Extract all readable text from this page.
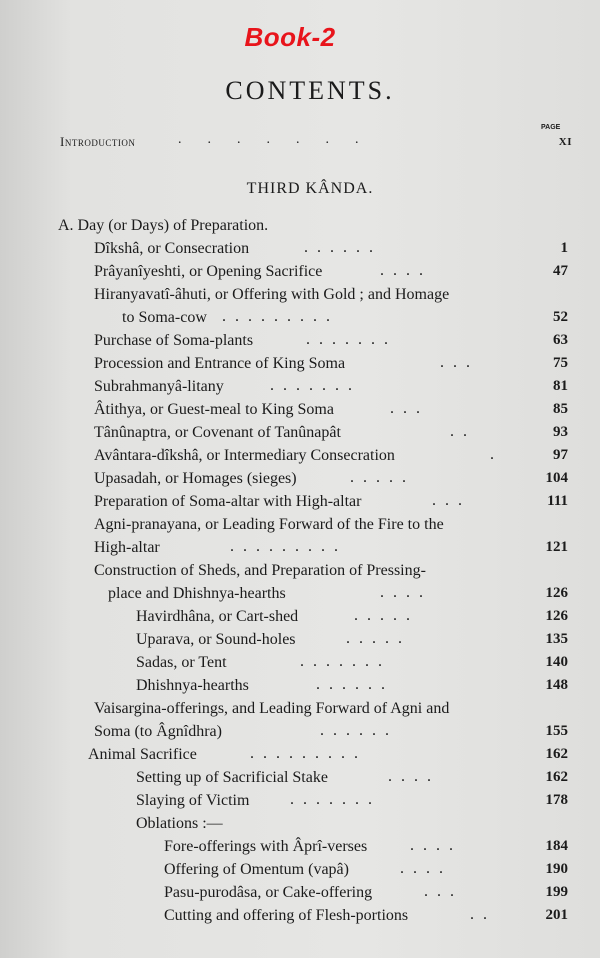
Book-2
CONTENTS.
PAGE
Introduction	.......	xi
THIRD KÂNDA.
A. Day (or Days) of Preparation.
Dîkshâ, or Consecration	......	1
Prâyanîyeshti, or Opening Sacrifice	....	47
Hiranyavatî-âhuti, or Offering with Gold ; and Homage
to Soma-cow .........	52
Purchase of Soma-plants	.......	63
Procession and Entrance of King Soma	...	75
Subrahmanyâ-litany	.......	81
Âtithya, or Guest-meal to King Soma	...	85
Tânûnaptra, or Covenant of Tanûnapât	..	93
Avântara-dîkshâ, or Intermediary Consecration	.	97
Upasadah, or Homages (sieges)	.....	104
Preparation of Soma-altar with High-altar	...	111
Agni-pranayana, or Leading Forward of the Fire to the
High-altar	.........	121
Construction of Sheds, and Preparation of Pressing-
place and Dhishnya-hearths	....	126
Havirdhâna, or Cart-shed	.....	126
Uparava, or Sound-holes	.....	135
Sadas, or Tent	.......	140
Dhishnya-hearths	......	148
Vaisargina-offerings, and Leading Forward of Agni and
Soma (to Âgnîdhra)	......	155
Animal Sacrifice	.........	162
Setting up of Sacrificial Stake	....	162
Slaying of Victim	.......	178
Oblations :—
Fore-offerings with Âprî-verses	....	184
Offering of Omentum (vapâ)	....	190
Pasu-purodâsa, or Cake-offering	...	199
Cutting and offering of Flesh-portions	..	201
